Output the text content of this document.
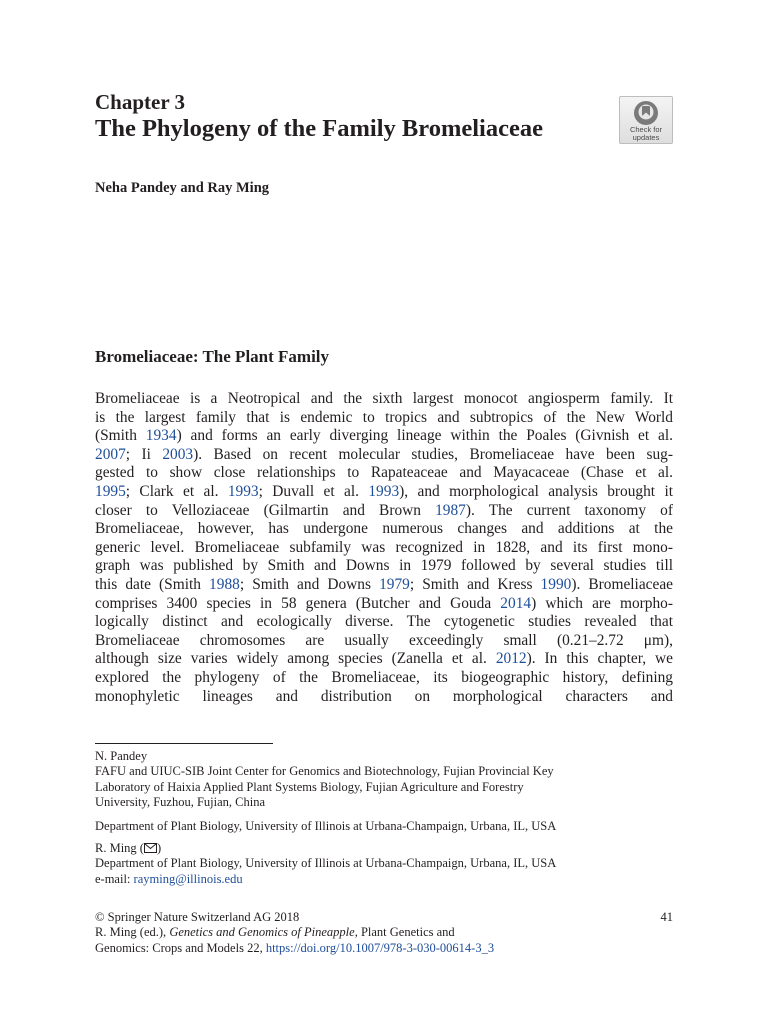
Chapter 3
The Phylogeny of the Family Bromeliaceae	Check for
updates
Neha Pandey and Ray Ming
Bromeliaceae: The Plant Family
Bromeliaceae is a Neotropical and the sixth largest monocot angiosperm family. It
is the largest family that is endemic to tropics and subtropics of the New World
(Smith 1934) and forms an early diverging lineage within the Poales (Givnish et al.
2007; Ii 2003). Based on recent molecular studies, Bromeliaceae have been sug-
gested to show close relationships to Rapateaceae and Mayacaceae (Chase et al.
1995; Clark et al. 1993; Duvall et al. 1993), and morphological analysis brought it
closer to Velloziaceae (Gilmartin and Brown 1987). The current taxonomy of
Bromeliaceae, however, has undergone numerous changes and additions at the
generic level. Bromeliaceae subfamily was recognized in 1828, and its first mono-
graph was published by Smith and Downs in 1979 followed by several studies till
this date (Smith 1988; Smith and Downs 1979; Smith and Kress 1990). Bromeliaceae
comprises 3400 species in 58 genera (Butcher and Gouda 2014) which are morpho-
logically distinct and ecologically diverse. The cytogenetic studies revealed that
Bromeliaceae chromosomes are usually exceedingly small (0.21–2.72 μm),
although size varies widely among species (Zanella et al. 2012). In this chapter, we
explored the phylogeny of the Bromeliaceae, its biogeographic history, defining
monophyletic lineages and distribution on morphological characters and
N. Pandey
FAFU and UIUC-SIB Joint Center for Genomics and Biotechnology, Fujian Provincial Key
Laboratory of Haixia Applied Plant Systems Biology, Fujian Agriculture and Forestry
University, Fuzhou, Fujian, China
Department of Plant Biology, University of Illinois at Urbana-Champaign, Urbana, IL, USA
R. Ming ( )
Department of Plant Biology, University of Illinois at Urbana-Champaign, Urbana, IL, USA
e-mail: rayming@illinois.edu
© Springer Nature Switzerland AG 2018
R. Ming (ed.), Genetics and Genomics of Pineapple, Plant Genetics and
Genomics: Crops and Models 22, https://doi.org/10.1007/978-3-030-00614-3_3
41
